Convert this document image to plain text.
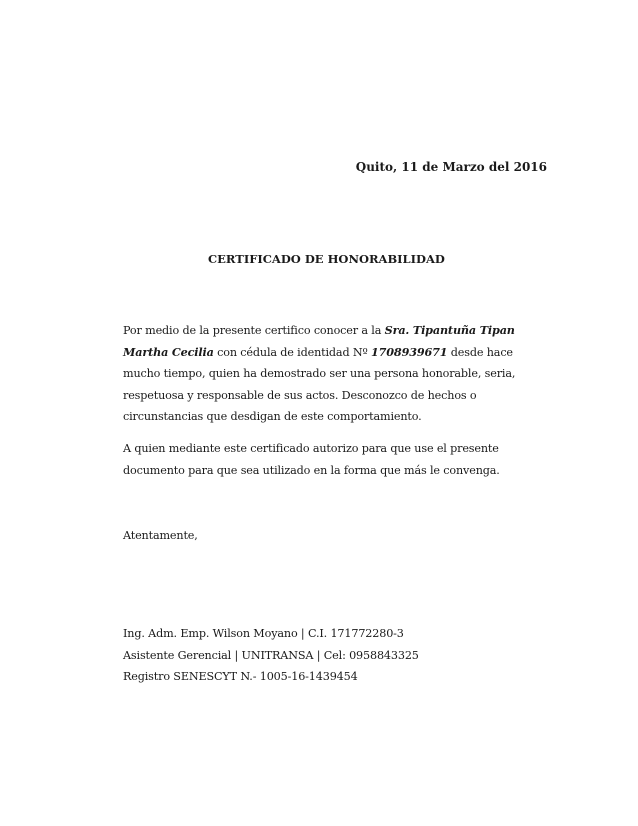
Quito, 11 de Marzo del 2016
CERTIFICADO DE HONORABILIDAD
Por medio de la presente certifico conocer a la Sra. Tipantuña Tipan
Martha Cecilia con cédula de identidad Nº 1708939671 desde hace
mucho tiempo, quien ha demostrado ser una persona honorable, seria,
respetuosa y responsable de sus actos. Desconozco de hechos o
circunstancias que desdigan de este comportamiento.
A quien mediante este certificado autorizo para que use el presente
documento para que sea utilizado en la forma que más le convenga.
Atentamente,
Ing. Adm. Emp. Wilson Moyano | C.I. 171772280-3
Asistente Gerencial | UNITRANSA | Cel: 0958843325
Registro SENESCYT N.- 1005-16-1439454
